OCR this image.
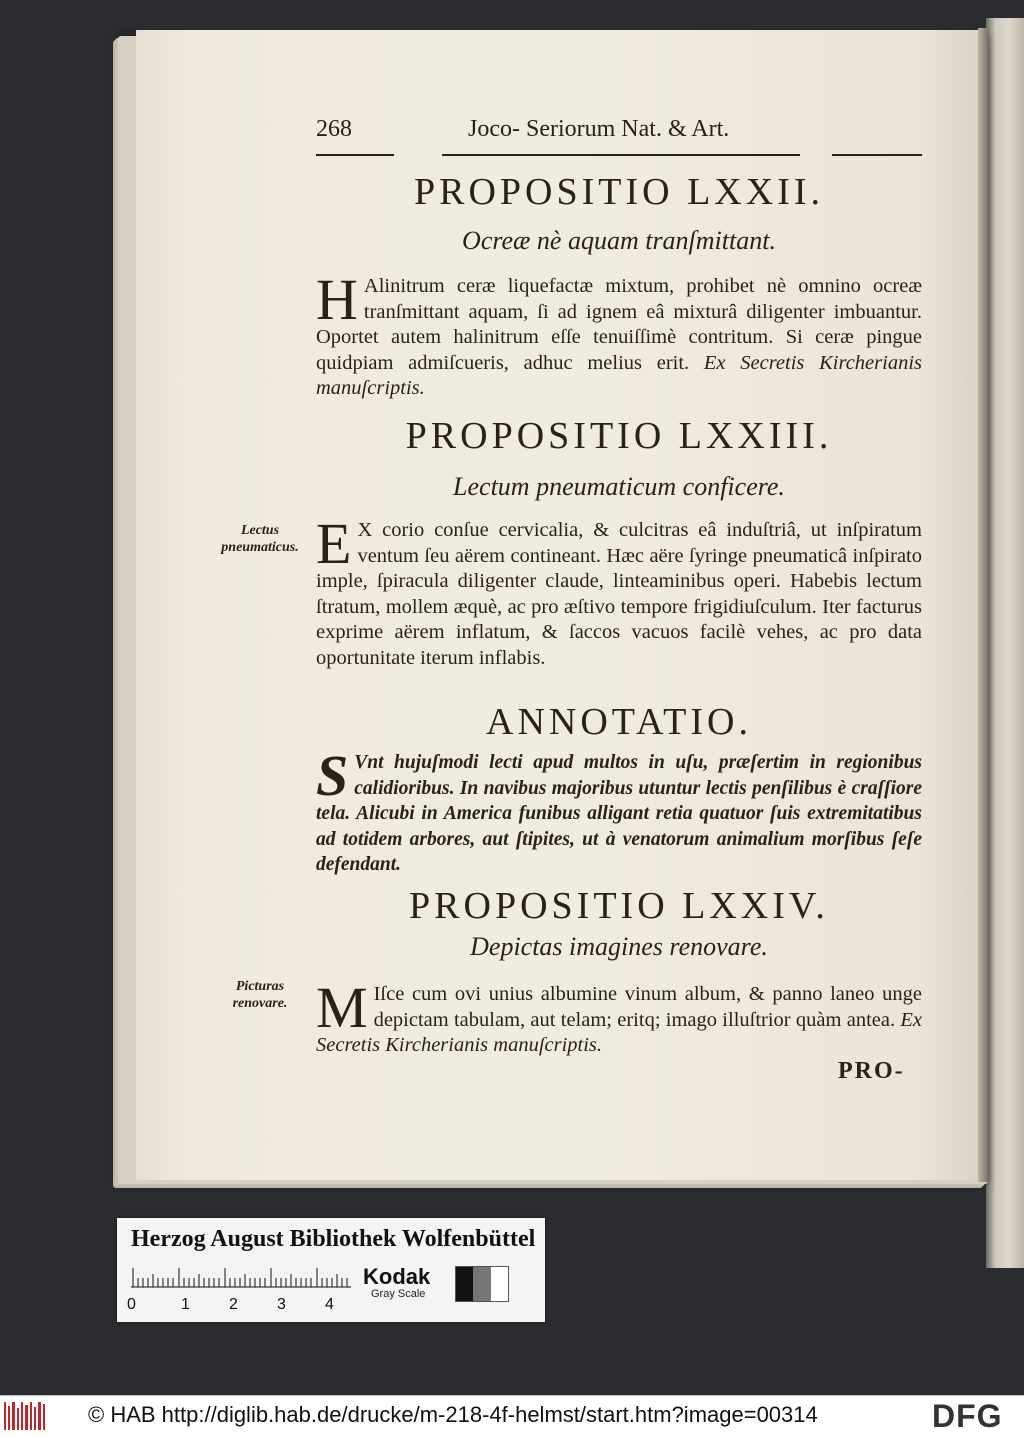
268	Joco- Seriorum Nat. & Art.
PROPOSITIO LXXII.
Ocreæ nè aquam tranſmittant.
H Alinitrum ceræ liquefactæ mixtum, prohibet nè omnino ocreæ tranſmittant aquam, ſi ad ignem eâ mixturâ diligenter imbuantur. Oportet autem halinitrum eſſe tenuiſſimè contritum. Si ceræ pingue quidpiam admiſcueris, adhuc melius erit. Ex Secretis Kircherianis manuſcriptis.
PROPOSITIO LXXIII.
Lectum pneumaticum conficere.
Lectus pneumaticus. E X corio conſue cervicalia, & culcitras eâ induſtriâ, ut inſpiratum ventum ſeu aërem contineant. Hæc aëre ſyringe pneumaticâ inſpirato imple, ſpiracula diligenter claude, linteaminibus operi. Habebis lectum ſtratum, mollem æquè, ac pro æſtivo tempore frigidiuſculum. Iter facturus exprime aërem inflatum, & ſaccos vacuos facilè vehes, ac pro data oportunitate iterum inflabis.
ANNOTATIO.
S Vnt hujuſmodi lecti apud multos in uſu, præſertim in regionibus calidioribus. In navibus majoribus utuntur lectis penſilibus è craſſiore tela. Alicubi in America funibus alligant retia quatuor ſuis extremitatibus ad totidem arbores, aut ſtipites, ut à venatorum animalium morſibus ſeſe defendant.
PROPOSITIO LXXIV.
Depictas imagines renovare.
Picturas renovare. M Iſce cum ovi unius albumine vinum album, & panno laneo unge depictam tabulam, aut telam; eritq; imago illuſtrior quàm antea. Ex Secretis Kircherianis manuſcriptis.
PRO-
Herzog August Bibliothek Wolfenbüttel
0	1 2 3 4
Kodak
Gray Scale
© HAB http://diglib.hab.de/drucke/m-218-4f-helmst/start.htm?image=00314	DFG
